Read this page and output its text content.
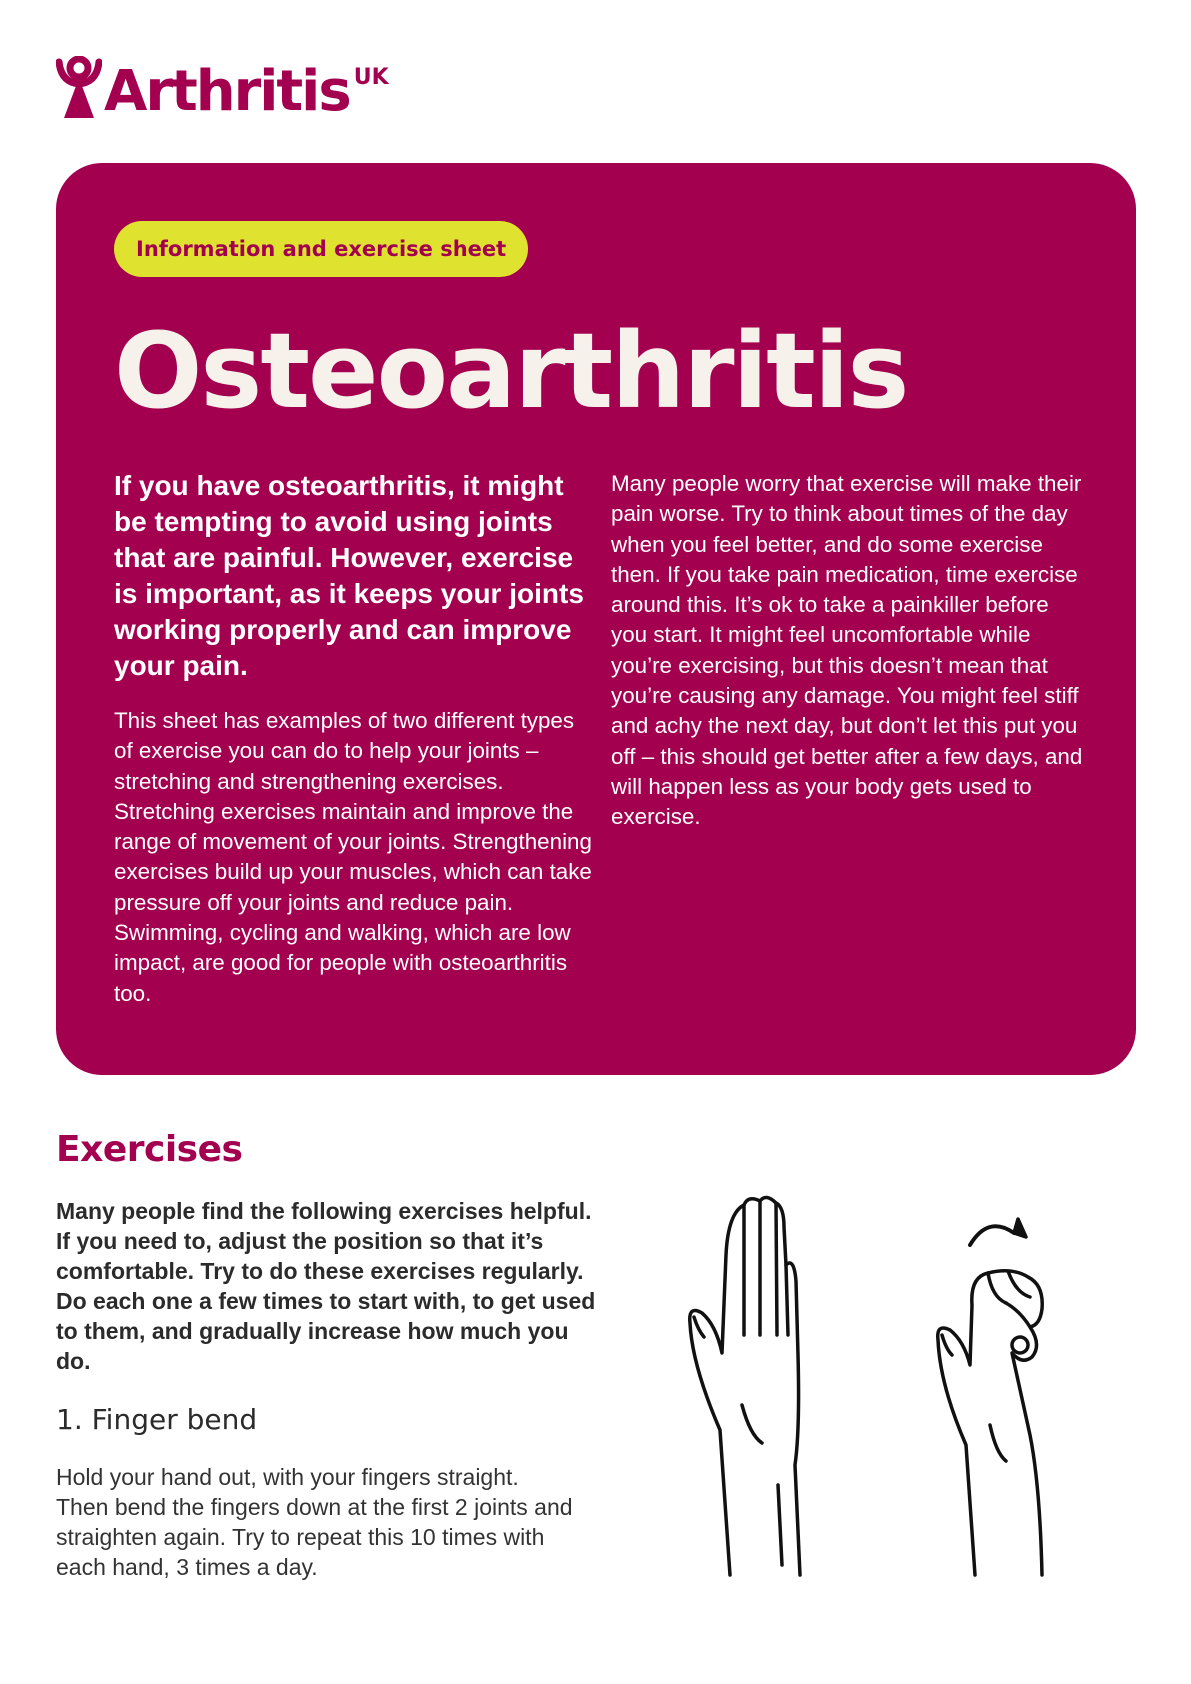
Arthritis UK
Information and exercise sheet
Osteoarthritis

If you have osteoarthritis, it might be tempting to avoid using joints that are painful. However, exercise is important, as it keeps your joints working properly and can improve your pain.

This sheet has examples of two different types of exercise you can do to help your joints – stretching and strengthening exercises. Stretching exercises maintain and improve the range of movement of your joints. Strengthening exercises build up your muscles, which can take pressure off your joints and reduce pain. Swimming, cycling and walking, which are low impact, are good for people with osteoarthritis too.

Many people worry that exercise will make their pain worse. Try to think about times of the day when you feel better, and do some exercise then. If you take pain medication, time exercise around this. It’s ok to take a painkiller before you start. It might feel uncomfortable while you’re exercising, but this doesn’t mean that you’re causing any damage. You might feel stiff and achy the next day, but don’t let this put you off – this should get better after a few days, and will happen less as your body gets used to exercise.

Exercises

Many people find the following exercises helpful. If you need to, adjust the position so that it’s comfortable. Try to do these exercises regularly. Do each one a few times to start with, to get used to them, and gradually increase how much you do.

1. Finger bend

Hold your hand out, with your fingers straight. Then bend the fingers down at the first 2 joints and straighten again. Try to repeat this 10 times with each hand, 3 times a day.
